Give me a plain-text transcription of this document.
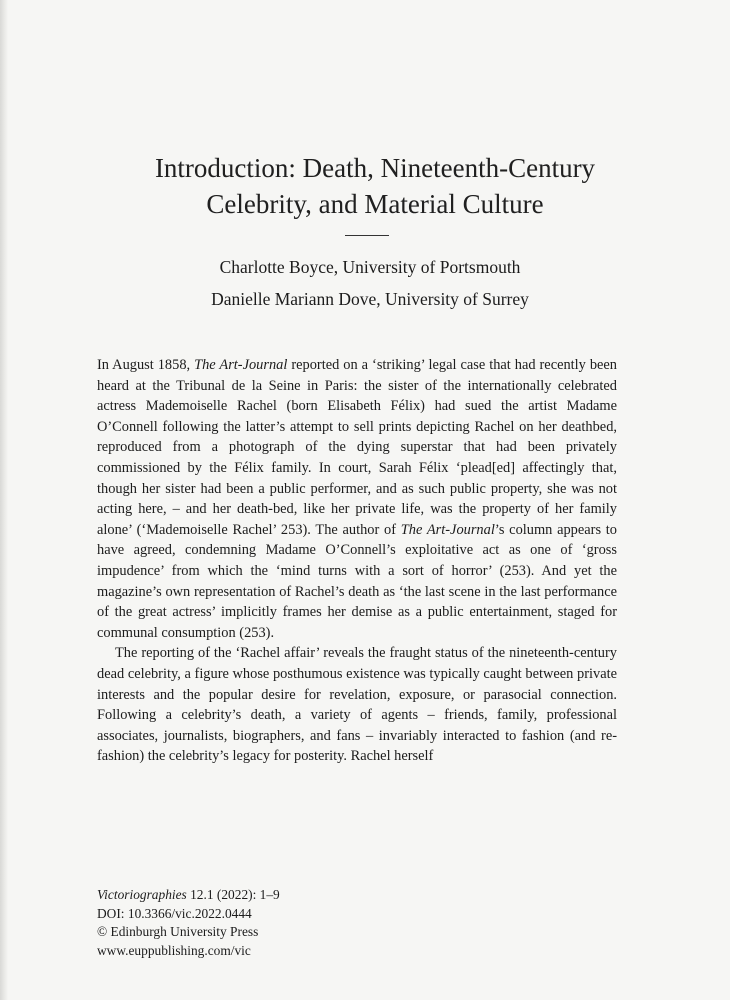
Introduction: Death, Nineteenth-Century
Celebrity, and Material Culture
Charlotte Boyce, University of Portsmouth
Danielle Mariann Dove, University of Surrey

In August 1858, The Art-Journal reported on a ‘striking’ legal case that had recently been heard at the Tribunal de la Seine in Paris: the sister of the internationally celebrated actress Mademoiselle Rachel (born Elisabeth Félix) had sued the artist Madame O’Connell following the latter’s attempt to sell prints depicting Rachel on her deathbed, reproduced from a photograph of the dying superstar that had been privately commissioned by the Félix family. In court, Sarah Félix ‘plead[ed] affectingly that, though her sister had been a public performer, and as such public property, she was not acting here, – and her death-bed, like her private life, was the property of her family alone’ (‘Mademoiselle Rachel’ 253). The author of The Art-Journal’s column appears to have agreed, condemning Madame O’Connell’s exploitative act as one of ‘gross impudence’ from which the ‘mind turns with a sort of horror’ (253). And yet the magazine’s own representation of Rachel’s death as ‘the last scene in the last performance of the great actress’ implicitly frames her demise as a public entertainment, staged for communal consumption (253).

The reporting of the ‘Rachel affair’ reveals the fraught status of the nineteenth-century dead celebrity, a figure whose posthumous existence was typically caught between private interests and the popular desire for revelation, exposure, or parasocial connection. Following a celebrity’s death, a variety of agents – friends, family, professional associates, journalists, biographers, and fans – invariably interacted to fashion (and re-fashion) the celebrity’s legacy for posterity. Rachel herself

Victoriographies 12.1 (2022): 1–9
DOI: 10.3366/vic.2022.0444
© Edinburgh University Press
www.euppublishing.com/vic
